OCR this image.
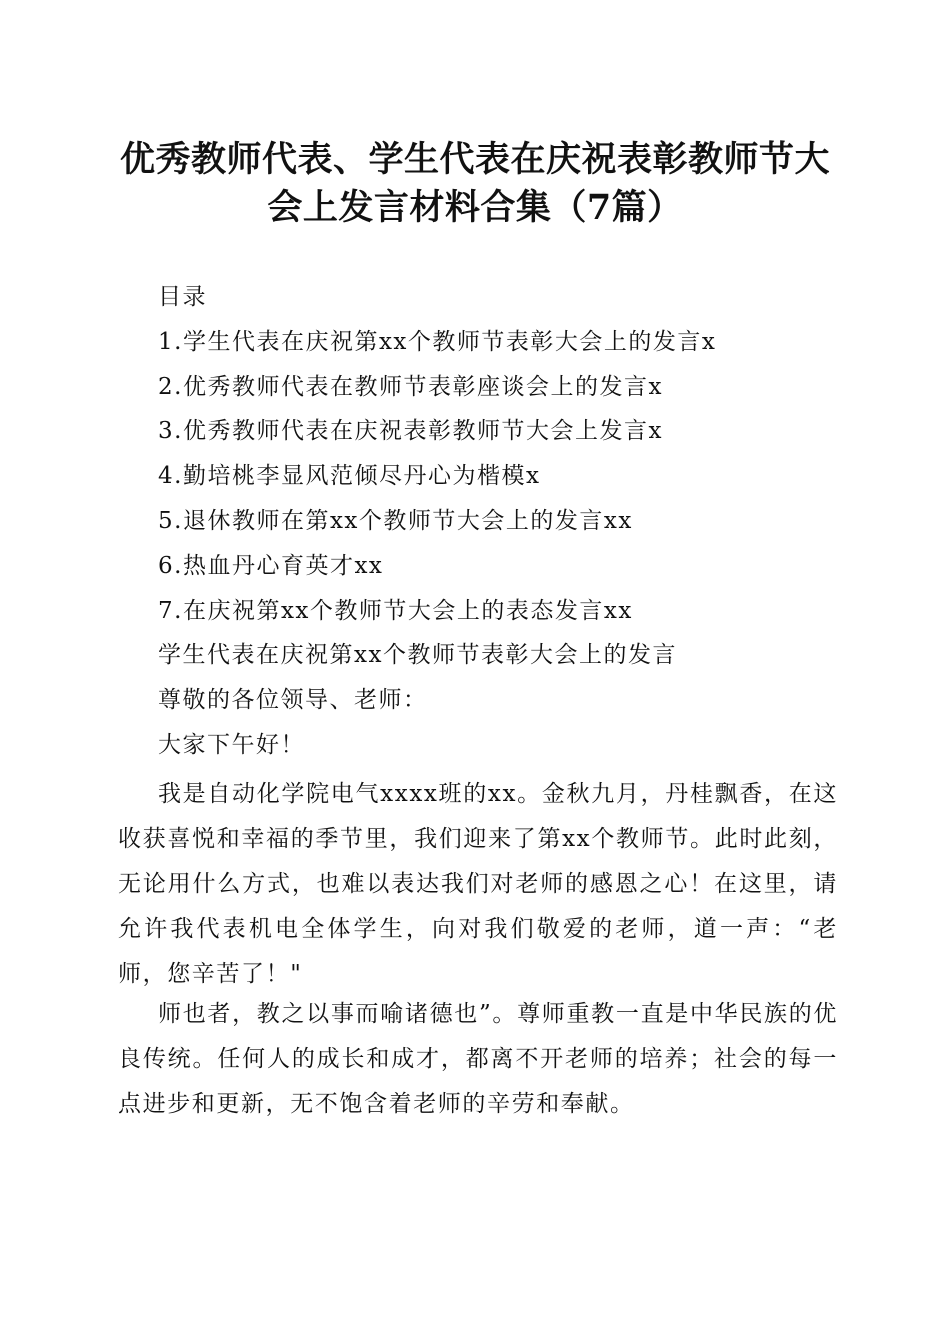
优秀教师代表、学生代表在庆祝表彰教师节大
会上发言材料合集（7篇）
目录
1.学生代表在庆祝第xx个教师节表彰大会上的发言x
2.优秀教师代表在教师节表彰座谈会上的发言x
3.优秀教师代表在庆祝表彰教师节大会上发言x
4.勤培桃李显风范倾尽丹心为楷模x
5.退休教师在第xx个教师节大会上的发言xx
6.热血丹心育英才xx
7.在庆祝第xx个教师节大会上的表态发言xx
学生代表在庆祝第xx个教师节表彰大会上的发言
尊敬的各位领导、老师：
大家下午好！

我是自动化学院电气xxxx班的xx。金秋九月，丹桂飘香，在这收获喜悦和幸福的季节里，我们迎来了第xx个教师节。此时此刻，无论用什么方式，也难以表达我们对老师的感恩之心！在这里，请允许我代表机电全体学生，向对我们敬爱的老师，道一声：“老师，您辛苦了！"

师也者，教之以事而喻诸德也”。尊师重教一直是中华民族的优良传统。任何人的成长和成才，都离不开老师的培养；社会的每一点进步和更新，无不饱含着老师的辛劳和奉献。
